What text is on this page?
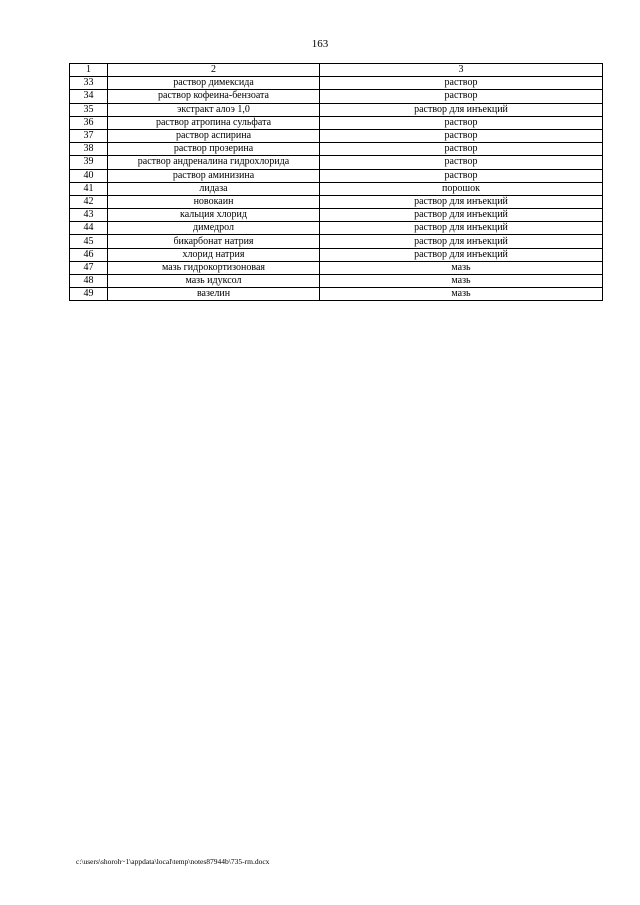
163
1	2	3
33	раствор димексида	раствор
34	раствор кофеина-бензоата	раствор
35	экстракт алоэ 1,0	раствор для инъекций
36	раствор атропина сульфата	раствор
37	раствор аспирина	раствор
38	раствор прозерина	раствор
39	раствор андреналина гидрохлорида	раствор
40	раствор аминизина	раствор
41	лидаза	порошок
42	новокаин	раствор для инъекций
43	кальция хлорид	раствор для инъекций
44	димедрол	раствор для инъекций
45	бикарбонат натрия	раствор для инъекций
46	хлорид натрия	раствор для инъекций
47	мазь гидрокортизоновая	мазь
48	мазь идуксол	мазь
49	вазелин	мазь
c:\users\shoroh~1\appdata\local\temp\notes87944b\735-rm.docx
